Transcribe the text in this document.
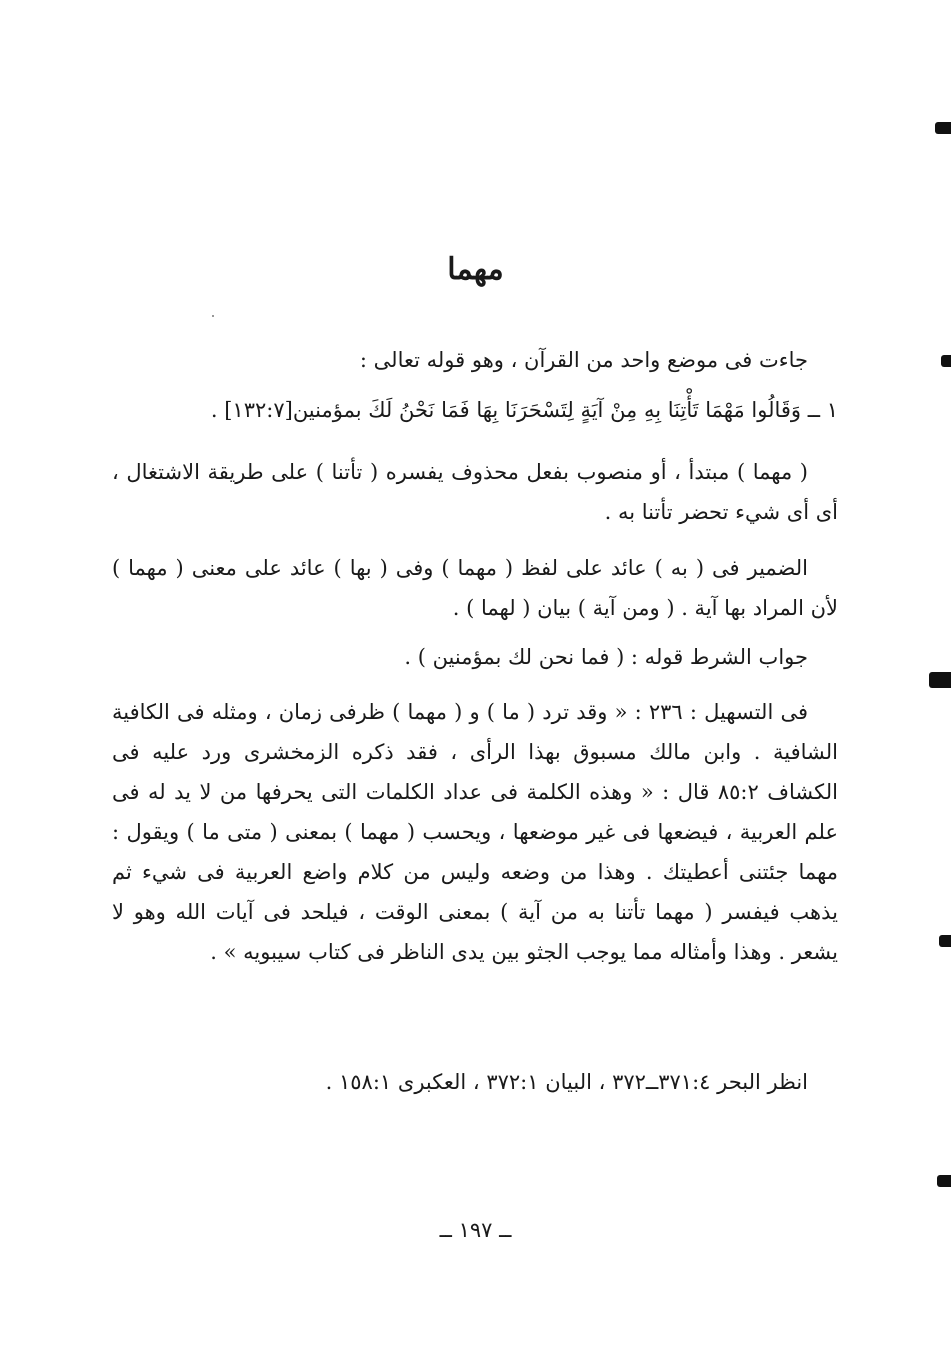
مهما

جاءت فى موضع واحد من القرآن ، وهو قوله تعالى :

١ ــ وَقَالُوا مَهْمَا تَأْتِنَا بِهِ مِنْ آيَةٍ لِتَسْحَرَنَا بِهَا فَمَا نَحْنُ لَكَ بمؤمنين[١٣٢:٧] .

( مهما ) مبتدأ ، أو منصوب بفعل محذوف يفسره ( تأتنا ) على طريقة الاشتغال ، أى أى شيء تحضر تأتنا به .

الضمير فى ( به ) عائد على لفظ ( مهما ) وفى ( بها ) عائد على معنى ( مهما ) لأن المراد بها آية . ( ومن آية ) بيان ( لهما ) .

جواب الشرط قوله : ( فما نحن لك بمؤمنين ) .

فى التسهيل : ٢٣٦ : « وقد ترد ( ما ) و ( مهما ) ظرفى زمان ، ومثله فى الكافية الشافية . وابن مالك مسبوق بهذا الرأى ، فقد ذكره الزمخشرى ورد عليه فى الكشاف ٨٥:٢ قال : « وهذه الكلمة فى عداد الكلمات التى يحرفها من لا يد له فى علم العربية ، فيضعها فى غير موضعها ، ويحسب ( مهما ) بمعنى ( متى ما ) ويقول : مهما جئتنى أعطيتك . وهذا من وضعه وليس من كلام واضع العربية فى شيء ثم يذهب فيفسر ( مهما تأتنا به من آية ) بمعنى الوقت ، فيلحد فى آيات الله وهو لا يشعر . وهذا وأمثاله مما يوجب الجثو بين يدى الناظر فى كتاب سيبويه » .

انظر البحر ٣٧١:٤ــ٣٧٢ ، البيان ٣٧٢:١ ، العكبرى ١٥٨:١ .

ــ ١٩٧ ــ
